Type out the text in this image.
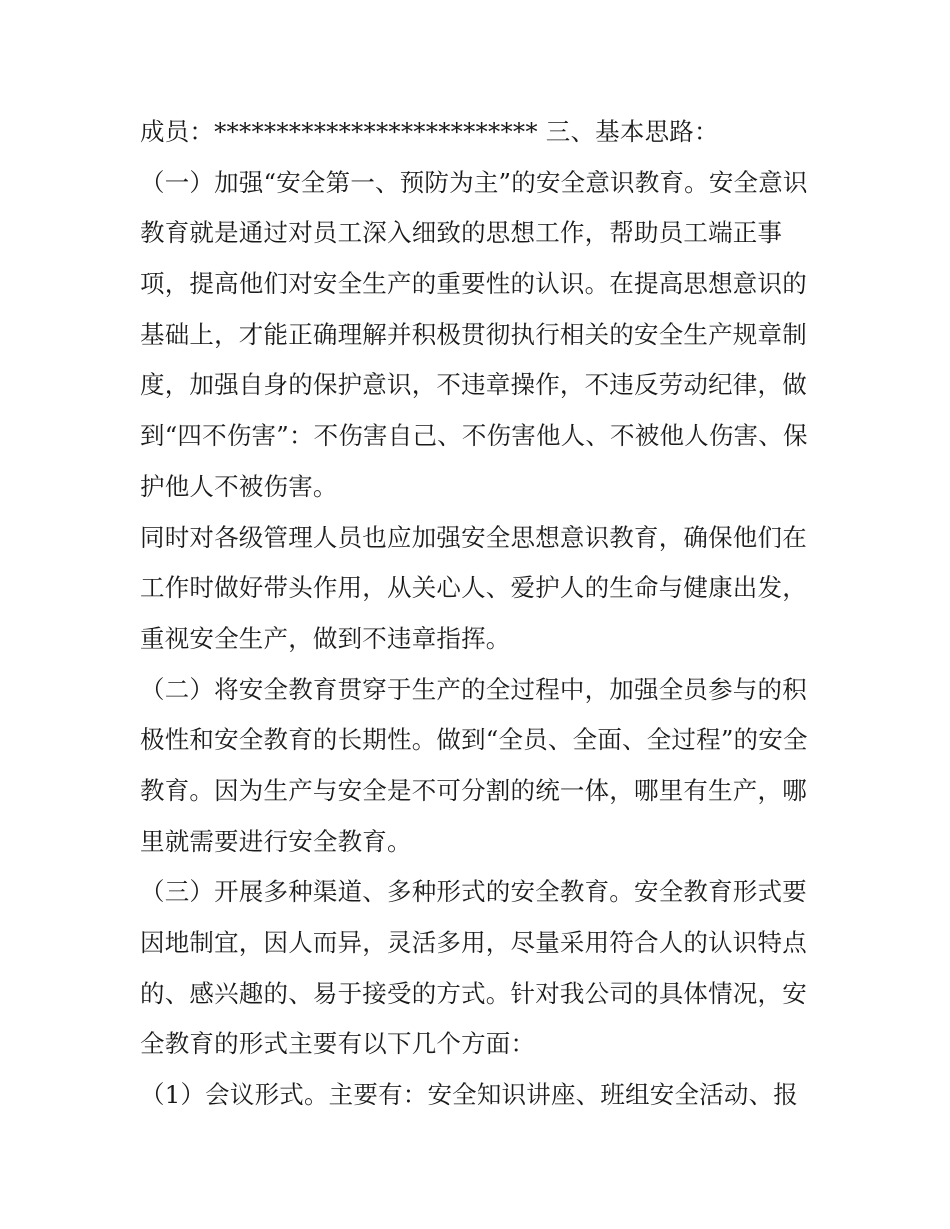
成员：************************** 三、基本思路：
（一）加强“安全第一、预防为主”的安全意识教育。安全意识
教育就是通过对员工深入细致的思想工作，帮助员工端正事
项，提高他们对安全生产的重要性的认识。在提高思想意识的
基础上，才能正确理解并积极贯彻执行相关的安全生产规章制
度，加强自身的保护意识，不违章操作，不违反劳动纪律，做
到“四不伤害”：不伤害自己、不伤害他人、不被他人伤害、保
护他人不被伤害。
同时对各级管理人员也应加强安全思想意识教育，确保他们在
工作时做好带头作用，从关心人、爱护人的生命与健康出发，
重视安全生产，做到不违章指挥。
（二）将安全教育贯穿于生产的全过程中，加强全员参与的积
极性和安全教育的长期性。做到“全员、全面、全过程”的安全
教育。因为生产与安全是不可分割的统一体，哪里有生产，哪
里就需要进行安全教育。
（三）开展多种渠道、多种形式的安全教育。安全教育形式要
因地制宜，因人而异，灵活多用，尽量采用符合人的认识特点
的、感兴趣的、易于接受的方式。针对我公司的具体情况，安
全教育的形式主要有以下几个方面：
（1）会议形式。主要有：安全知识讲座、班组安全活动、报
